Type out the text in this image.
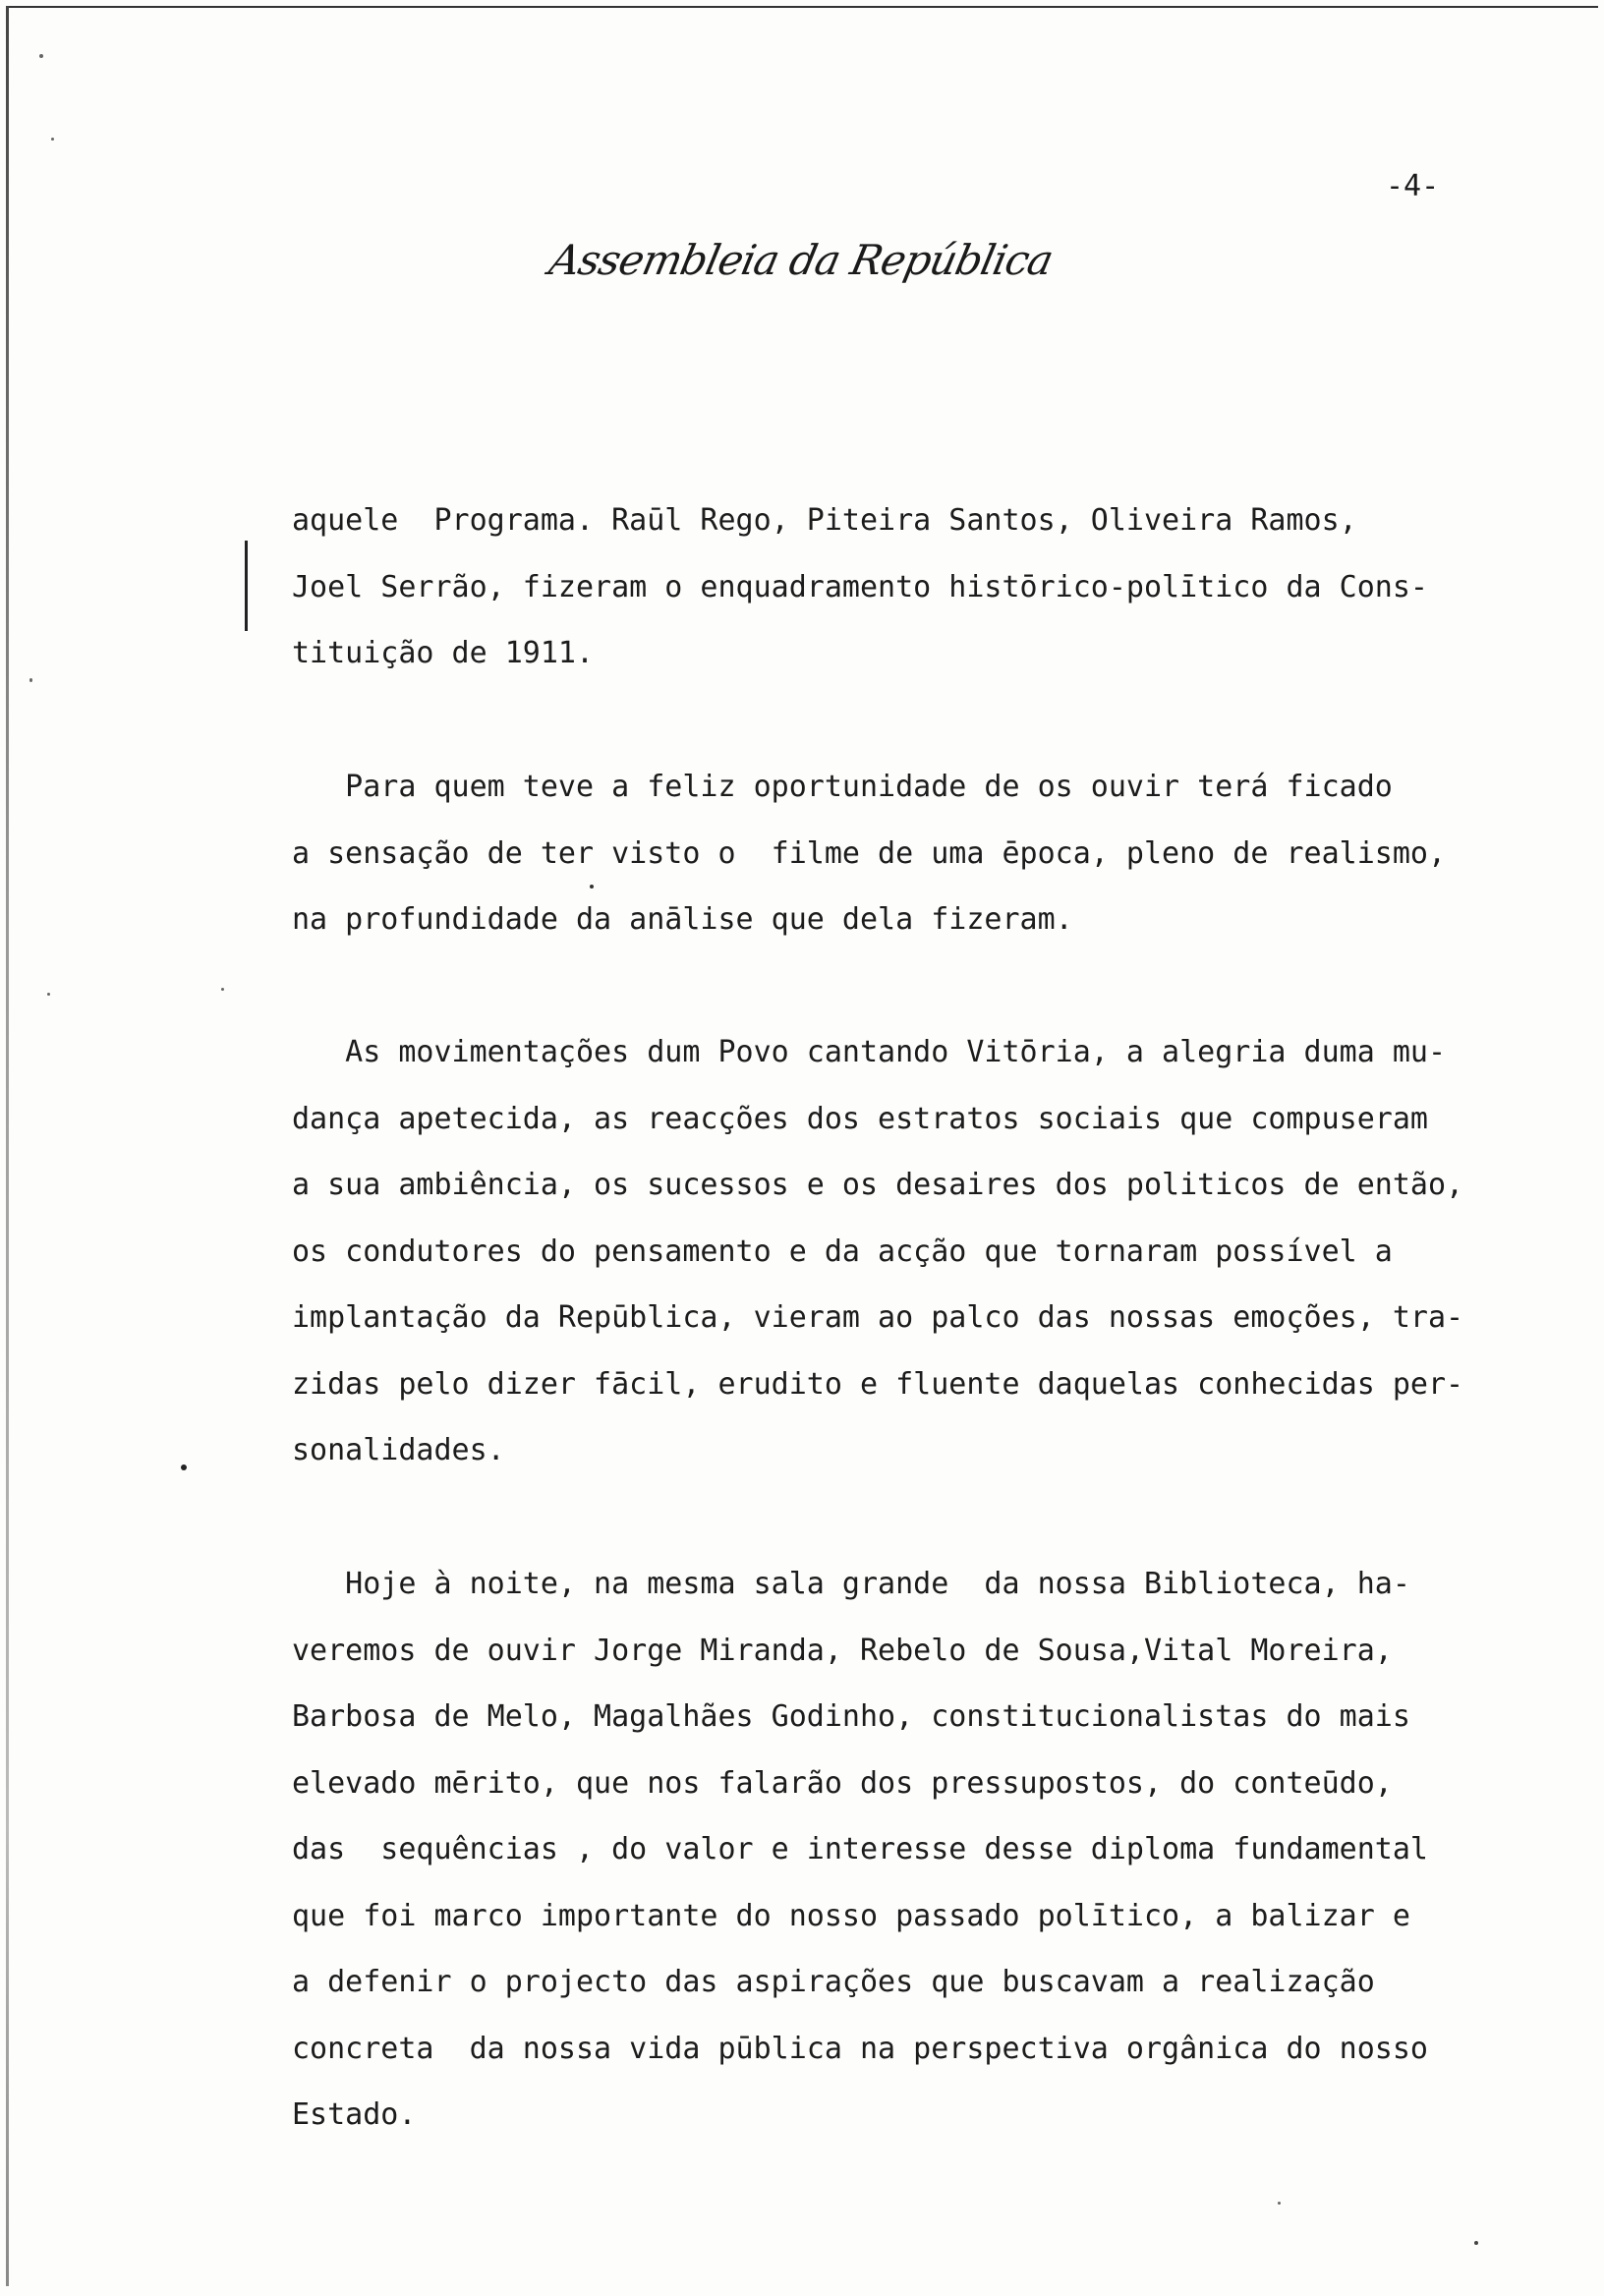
-4-

Assembleia da República

aquele  Programa. Raūl Rego, Piteira Santos, Oliveira Ramos,
Joel Serrão, fizeram o enquadramento histōrico-polītico da Cons-
tituição de 1911.

Para quem teve a feliz oportunidade de os ouvir terá ficado
a sensação de ter visto o  filme de uma ēpoca, pleno de realismo,
na profundidade da anālise que dela fizeram.

As movimentações dum Povo cantando Vitōria, a alegria duma mu-
dança apetecida, as reacções dos estratos sociais que compuseram
a sua ambiência, os sucessos e os desaires dos politicos de então,
os condutores do pensamento e da acção que tornaram possível a
implantação da Repūblica, vieram ao palco das nossas emoções, tra-
zidas pelo dizer fācil, erudito e fluente daquelas conhecidas per-
sonalidades.

Hoje à noite, na mesma sala grande  da nossa Biblioteca, ha-
veremos de ouvir Jorge Miranda, Rebelo de Sousa,Vital Moreira,
Barbosa de Melo, Magalhães Godinho, constitucionalistas do mais
elevado mērito, que nos falarão dos pressupostos, do conteūdo,
das  sequências , do valor e interesse desse diploma fundamental
que foi marco importante do nosso passado polītico, a balizar e
a defenir o projecto das aspirações que buscavam a realização
concreta  da nossa vida pūblica na perspectiva orgânica do nosso
Estado.
